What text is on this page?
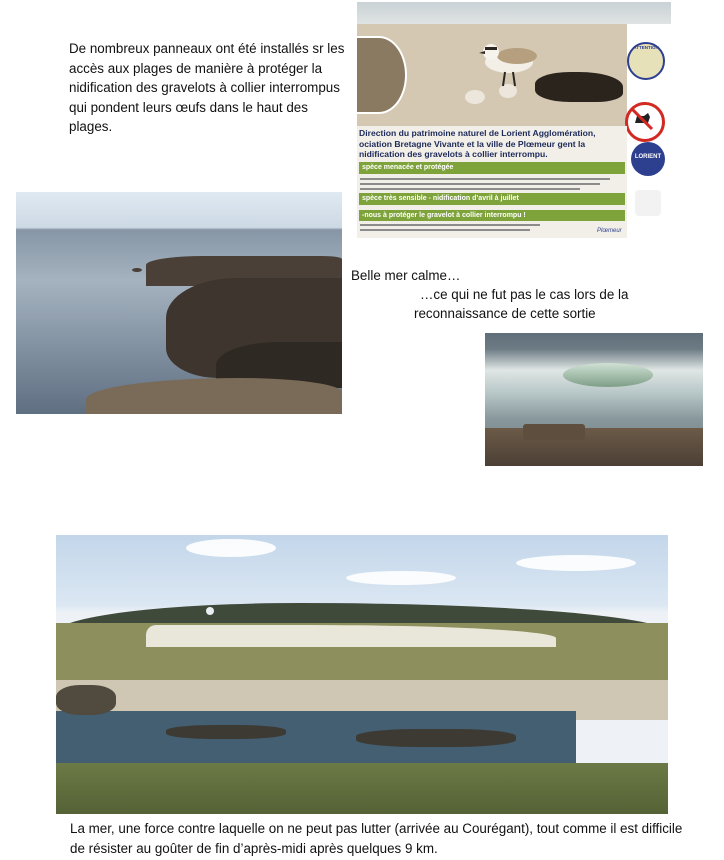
De nombreux panneaux ont été installés sr les accès aux plages de manière à protéger la nidification des gravelots à collier interrompus qui pondent leurs œufs dans le haut des plages.
ATTENTION
LORIENT
Direction du patrimoine naturel de Lorient Agglomération, ociation Bretagne Vivante et la ville de Plœmeur gent la nidification des gravelots à collier interrompu.
spèce menacée et protégée
spèce très sensible - nidification d’avril à juillet
-nous à protéger le gravelot à collier interrompu !
Plœmeur
Belle mer calme…
…ce qui ne fut pas le cas lors de la
reconnaissance de cette sortie
La mer, une force contre laquelle on ne peut pas lutter (arrivée au Courégant), tout comme il est difficile de résister au goûter de fin d’après-midi après quelques 9 km.
